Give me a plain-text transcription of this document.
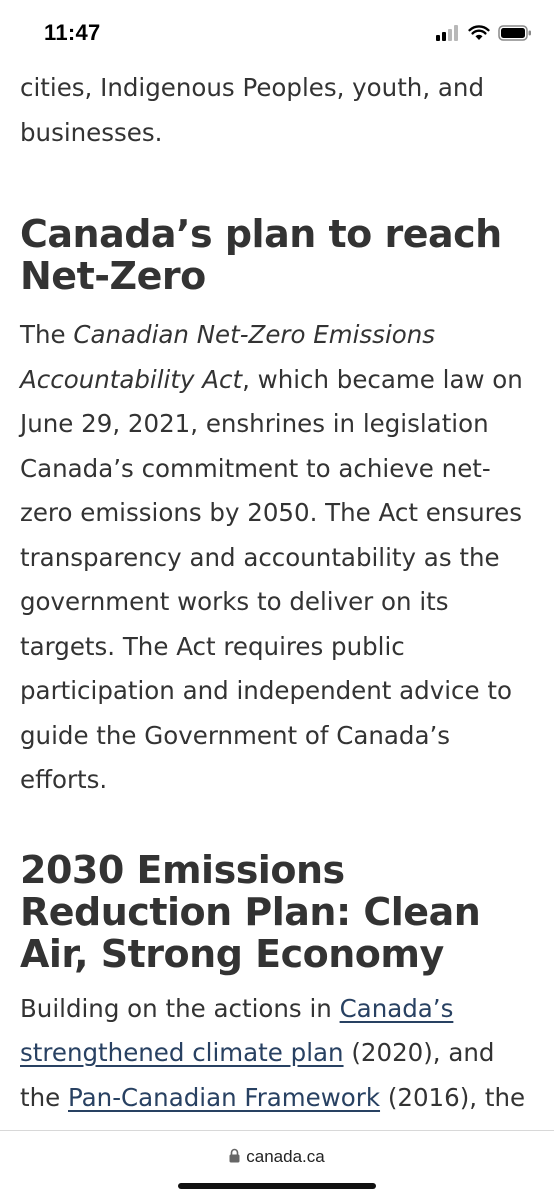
11:47

cities, Indigenous Peoples, youth, and businesses.

Canada’s plan to reach Net-Zero

The Canadian Net-Zero Emissions Accountability Act, which became law on June 29, 2021, enshrines in legislation Canada’s commitment to achieve net-zero emissions by 2050. The Act ensures transparency and accountability as the government works to deliver on its targets. The Act requires public participation and independent advice to guide the Government of Canada’s efforts.

2030 Emissions Reduction Plan: Clean Air, Strong Economy

Building on the actions in Canada’s strengthened climate plan (2020), and the Pan-Canadian Framework (2016), the

canada.ca
